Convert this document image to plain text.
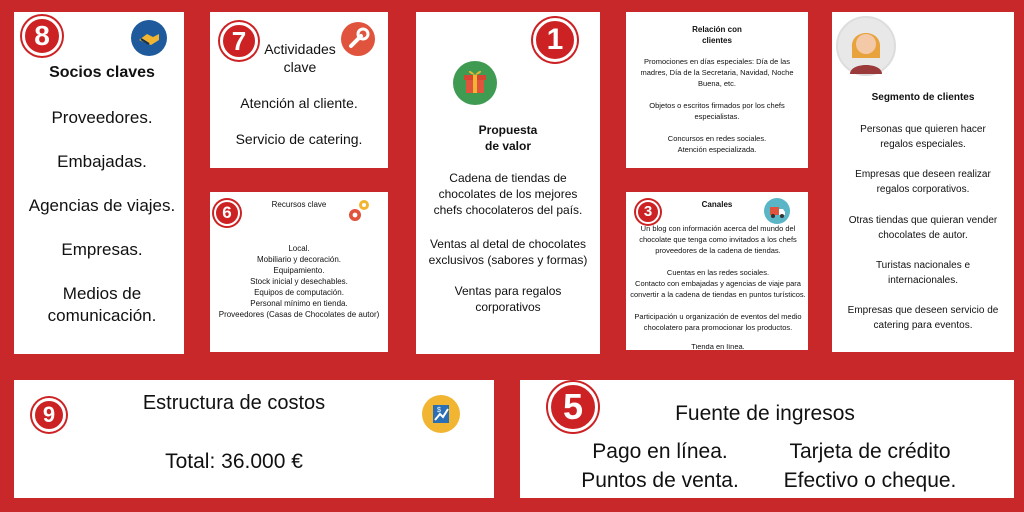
8
Socios claves
Proveedores.
Embajadas.
Agencias de viajes.
Empresas.
Medios de comunicación.
7	Actividades clave
Atención al cliente.
Servicio de catering.
6	Recursos clave
Local.
Mobiliario y decoración.
Equipamiento.
Stock inicial y desechables.
Equipos de computación.
Personal mínimo en tienda.
Proveedores (Casas de Chocolates de autor)
1
Propuesta de valor
Cadena de tiendas de chocolates de los mejores chefs chocolateros del país.
Ventas al detal de chocolates exclusivos (sabores y formas)
Ventas para regalos corporativos
Relación con clientes
Promociones en días especiales: Día de las madres, Día de la Secretaria, Navidad, Noche Buena, etc.
Objetos o escritos firmados por los chefs especialistas.
Concursos en redes sociales. Atención especializada.
3	Canales
Un blog con información acerca del mundo del chocolate que tenga como invitados a los chefs proveedores de la cadena de tiendas.
Cuentas en las redes sociales.
Contacto con embajadas y agencias de viaje para convertir a la cadena de tiendas en puntos turísticos.
Participación u organización de eventos del medio chocolatero para promocionar los productos.
Tienda en línea.
Segmento de clientes
Personas que quieren hacer regalos especiales.
Empresas que deseen realizar regalos corporativos.
Otras tiendas que quieran vender chocolates de autor.
Turistas nacionales e internacionales.
Empresas que deseen servicio de catering para eventos.
9	Estructura de costos	$
Total: 36.000 €
5	Fuente de ingresos
Pago en línea.	Tarjeta de crédito
Puntos de venta.	Efectivo o cheque.
